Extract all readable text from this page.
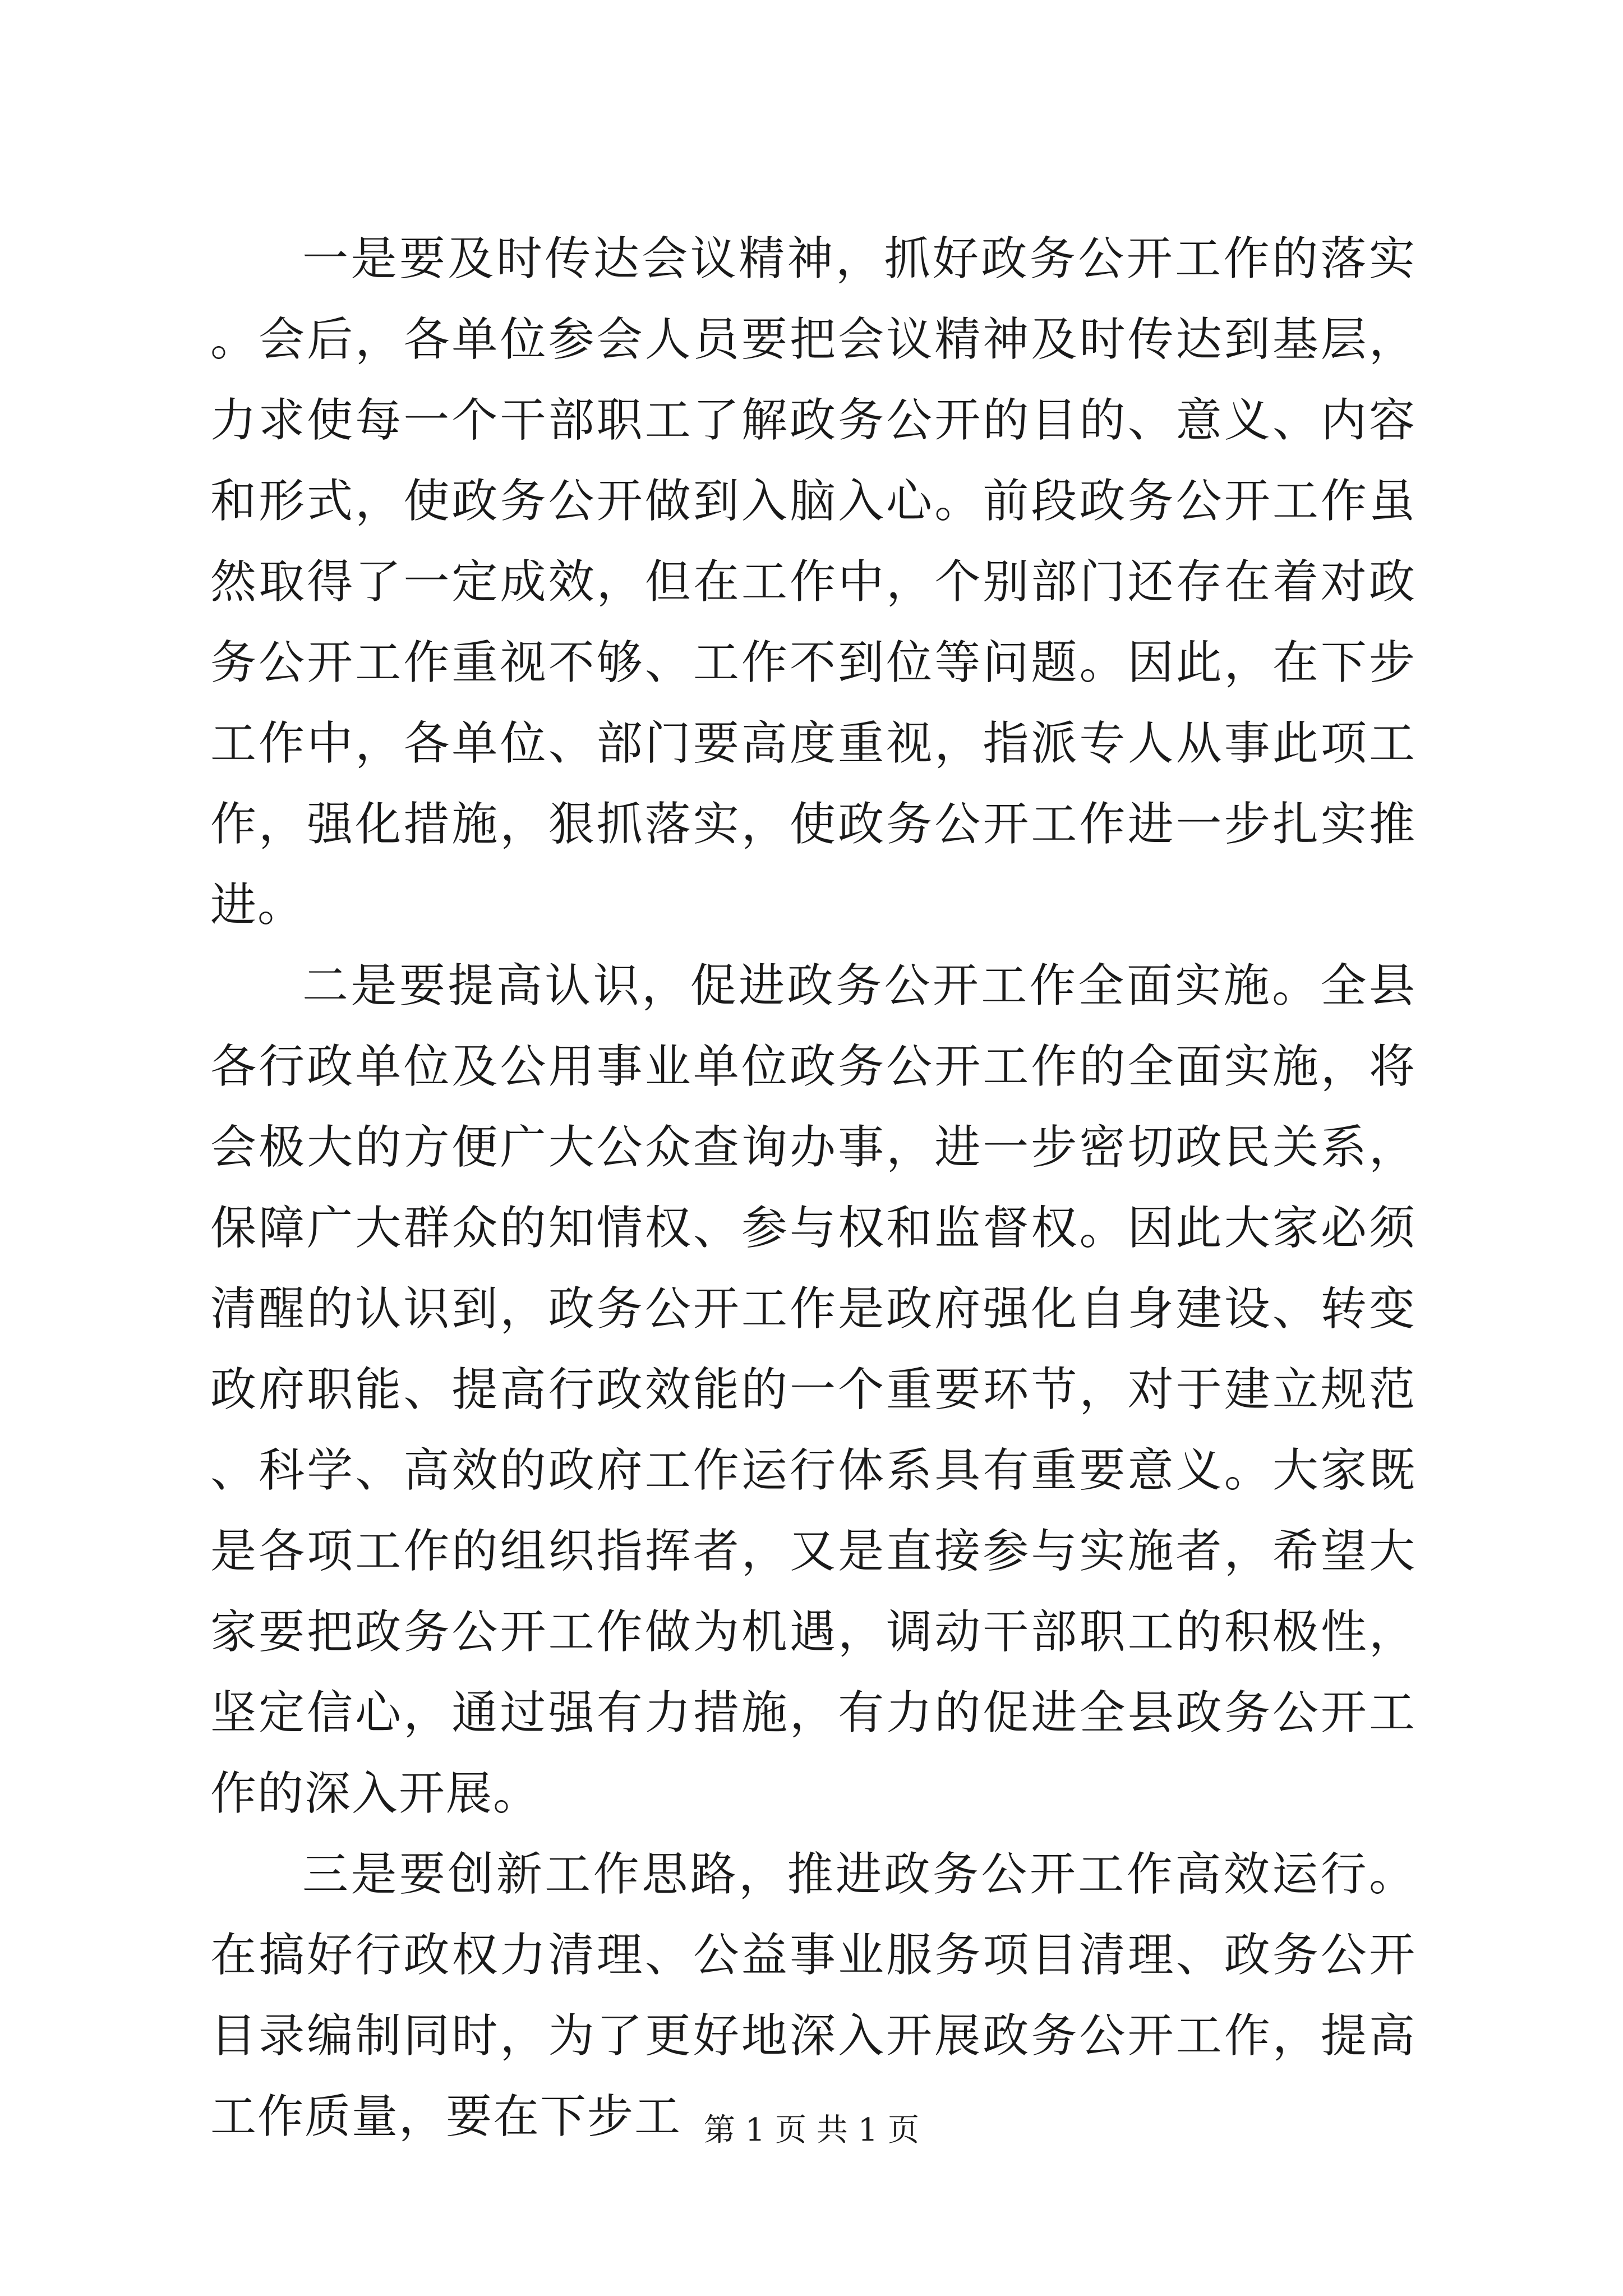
一是要及时传达会议精神，抓好政务公开工作的落实。会后，各单位参会人员要把会议精神及时传达到基层，力求使每一个干部职工了解政务公开的目的、意义、内容和形式，使政务公开做到入脑入心。前段政务公开工作虽然取得了一定成效，但在工作中，个别部门还存在着对政务公开工作重视不够、工作不到位等问题。因此，在下步工作中，各单位、部门要高度重视，指派专人从事此项工作，强化措施，狠抓落实，使政务公开工作进一步扎实推进。

二是要提高认识，促进政务公开工作全面实施。全县各行政单位及公用事业单位政务公开工作的全面实施，将会极大的方便广大公众查询办事，进一步密切政民关系，保障广大群众的知情权、参与权和监督权。因此大家必须清醒的认识到，政务公开工作是政府强化自身建设、转变政府职能、提高行政效能的一个重要环节，对于建立规范、科学、高效的政府工作运行体系具有重要意义。大家既是各项工作的组织指挥者，又是直接参与实施者，希望大家要把政务公开工作做为机遇，调动干部职工的积极性，坚定信心，通过强有力措施，有力的促进全县政务公开工作的深入开展。

三是要创新工作思路，推进政务公开工作高效运行。在搞好行政权力清理、公益事业服务项目清理、政务公开目录编制同时，为了更好地深入开展政务公开工作，提高工作质量，要在下步工 第 1 页 共 1 页
